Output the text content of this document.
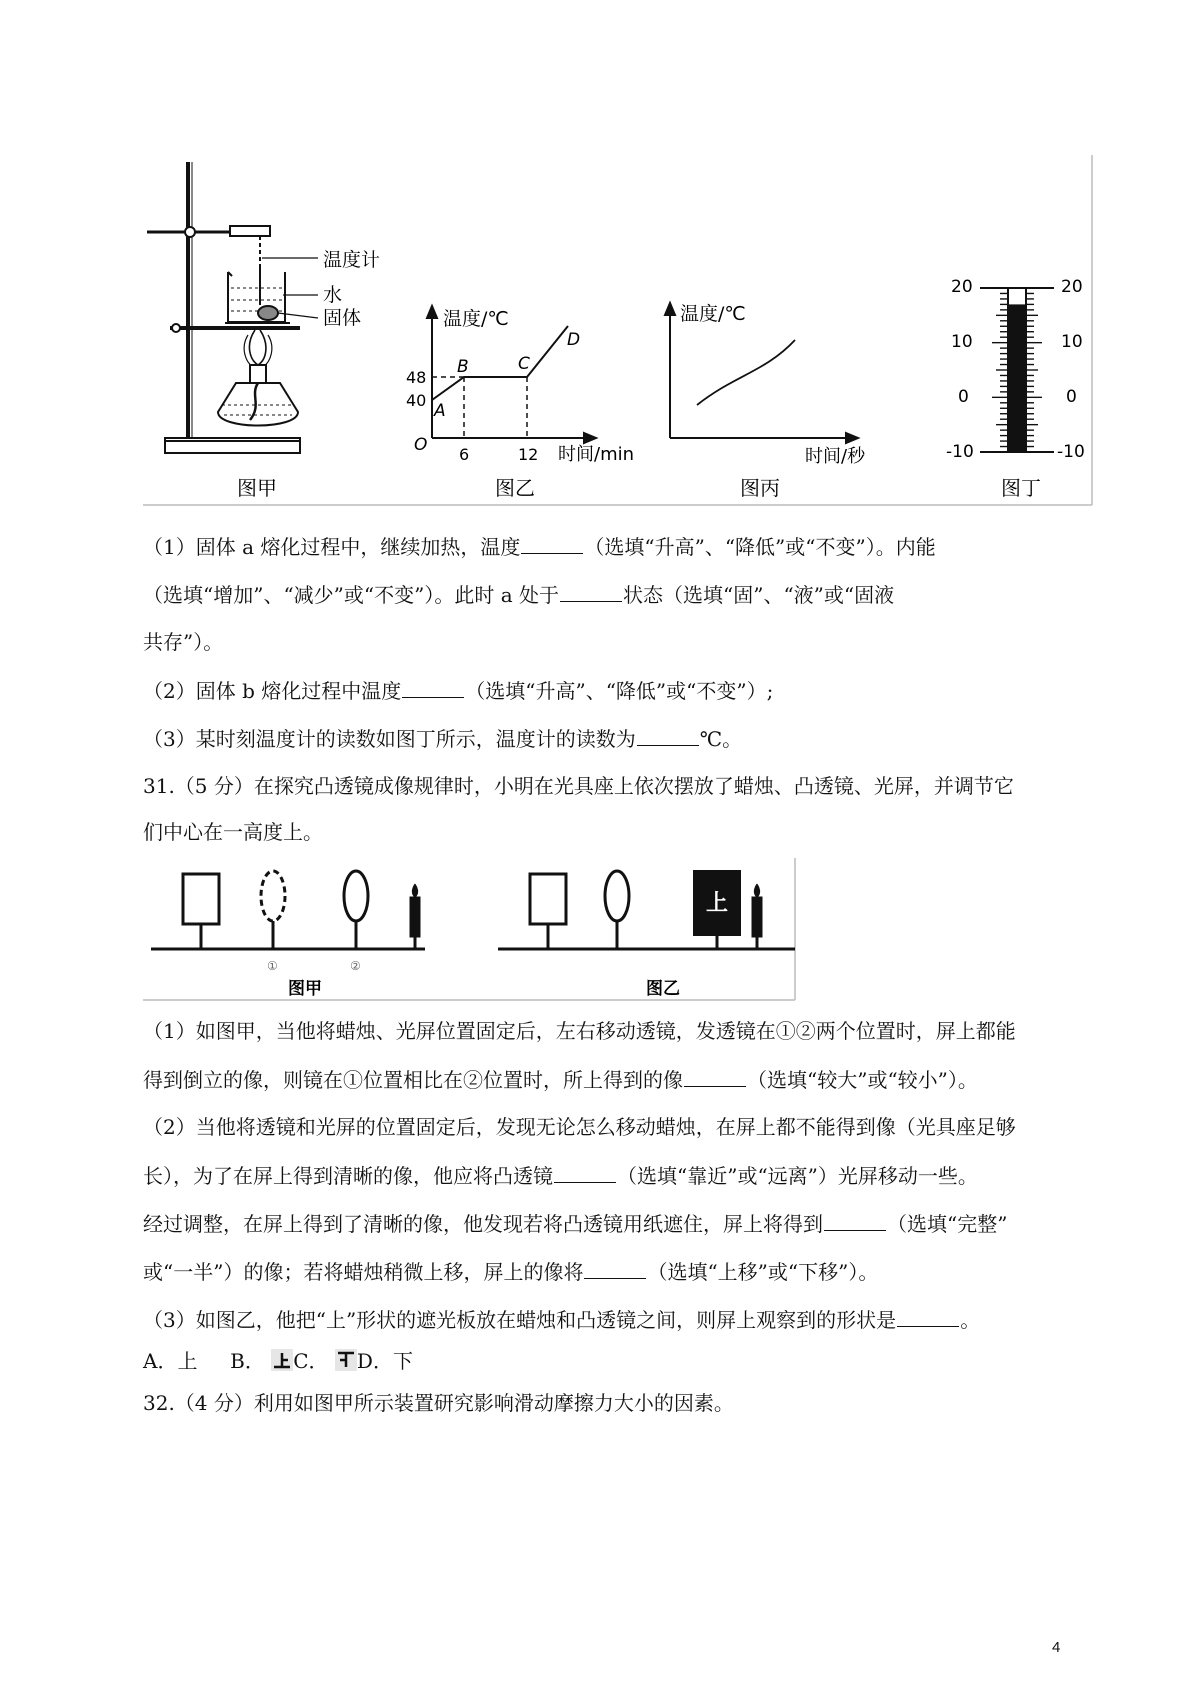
温度计
水
固体	温度/℃
时间/min
O
A
B	C
D
48
40
6	12
温度/℃
时间/秒
20
10
0
-10
20
10
0
-10
图甲	图乙	图丙	图丁
（1）固体 a 熔化过程中，继续加热，温度	（选填“升高”、“降低”或“不变”）。内能
（选填“增加”、“减少”或“不变”）。此时 a 处于	状态（选填“固”、“液”或“固液
共存”）。
（2）固体 b 熔化过程中温度	（选填“升高”、“降低”或“不变”）;
（3）某时刻温度计的读数如图丁所示，温度计的读数为	℃。
31.（5 分）在探究凸透镜成像规律时，小明在光具座上依次摆放了蜡烛、凸透镜、光屏，并调节它
们中心在一高度上。
上
①	②
图甲	图乙
（1）如图甲，当他将蜡烛、光屏位置固定后，左右移动透镜，发透镜在①②两个位置时，屏上都能
得到倒立的像，则镜在①位置相比在②位置时，所上得到的像	（选填“较大”或“较小”）。
（2）当他将透镜和光屏的位置固定后，发现无论怎么移动蜡烛，在屏上都不能得到像（光具座足够
长），为了在屏上得到清晰的像，他应将凸透镜	（选填“靠近”或“远离”）光屏移动一些。
经过调整，在屏上得到了清晰的像，他发现若将凸透镜用纸遮住，屏上将得到	（选填“完整”
或“一半”）的像；若将蜡烛稍微上移，屏上的像将	（选填“上移”或“下移”）。
（3）如图乙，他把“上”形状的遮光板放在蜡烛和凸透镜之间，则屏上观察到的形状是	。
A．上 B． C． D．下
32.（4 分）利用如图甲所示装置研究影响滑动摩擦力大小的因素。
4
